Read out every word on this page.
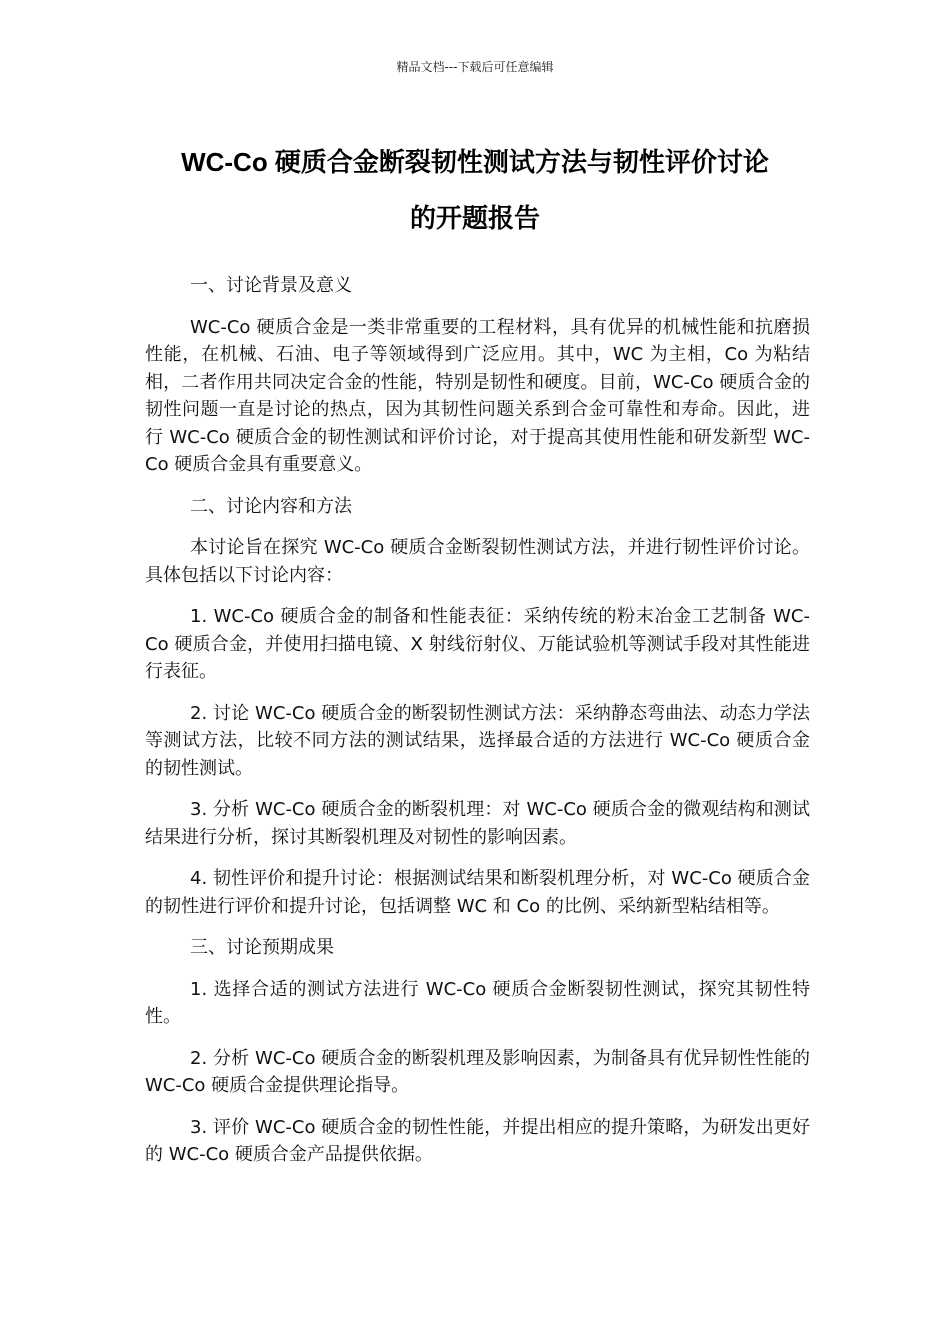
精品文档---下载后可任意编辑
WC-Co 硬质合金断裂韧性测试方法与韧性评价讨论
的开题报告

一、讨论背景及意义

WC-Co 硬质合金是一类非常重要的工程材料，具有优异的机械性能和抗磨损性能，在机械、石油、电子等领域得到广泛应用。其中，WC 为主相，Co 为粘结相，二者作用共同决定合金的性能，特别是韧性和硬度。目前，WC-Co 硬质合金的韧性问题一直是讨论的热点，因为其韧性问题关系到合金可靠性和寿命。因此，进行 WC-Co 硬质合金的韧性测试和评价讨论，对于提高其使用性能和研发新型 WC-Co 硬质合金具有重要意义。

二、讨论内容和方法

本讨论旨在探究 WC-Co 硬质合金断裂韧性测试方法，并进行韧性评价讨论。具体包括以下讨论内容：

1. WC-Co 硬质合金的制备和性能表征：采纳传统的粉末冶金工艺制备 WC-Co 硬质合金，并使用扫描电镜、X 射线衍射仪、万能试验机等测试手段对其性能进行表征。

2. 讨论 WC-Co 硬质合金的断裂韧性测试方法：采纳静态弯曲法、动态力学法等测试方法，比较不同方法的测试结果，选择最合适的方法进行 WC-Co 硬质合金的韧性测试。

3. 分析 WC-Co 硬质合金的断裂机理：对 WC-Co 硬质合金的微观结构和测试结果进行分析，探讨其断裂机理及对韧性的影响因素。

4. 韧性评价和提升讨论：根据测试结果和断裂机理分析，对 WC-Co 硬质合金的韧性进行评价和提升讨论，包括调整 WC 和 Co 的比例、采纳新型粘结相等。

三、讨论预期成果

1. 选择合适的测试方法进行 WC-Co 硬质合金断裂韧性测试，探究其韧性特性。

2. 分析 WC-Co 硬质合金的断裂机理及影响因素，为制备具有优异韧性性能的 WC-Co 硬质合金提供理论指导。

3. 评价 WC-Co 硬质合金的韧性性能，并提出相应的提升策略，为研发出更好的 WC-Co 硬质合金产品提供依据。
